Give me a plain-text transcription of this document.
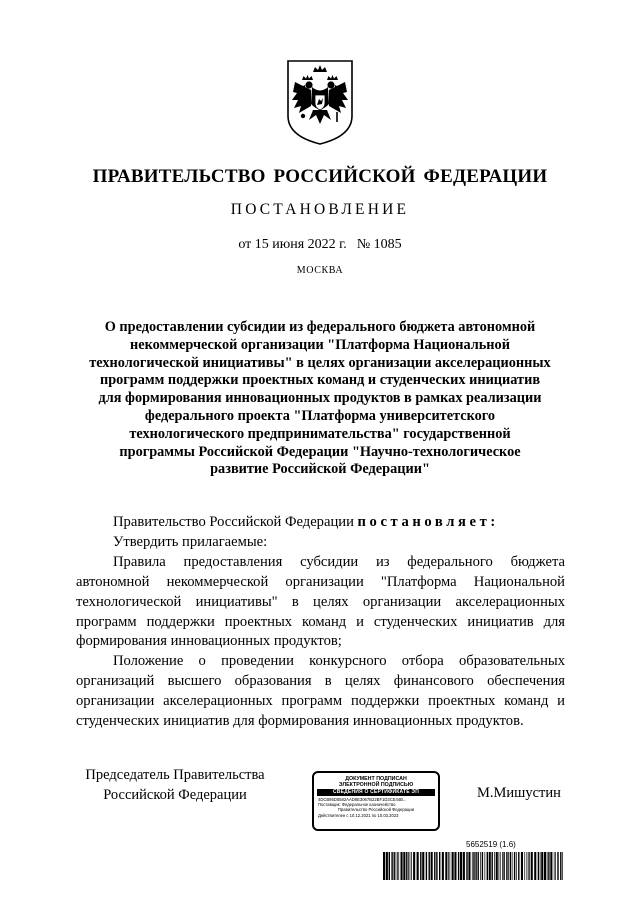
ПРАВИТЕЛЬСТВО РОССИЙСКОЙ ФЕДЕРАЦИИ
ПОСТАНОВЛЕНИЕ
от 15 июня 2022 г. № 1085
МОСКВА
О предоставлении субсидии из федерального бюджета автономной
некоммерческой организации "Платформа Национальной
технологической инициативы" в целях организации акселерационных
программ поддержки проектных команд и студенческих инициатив
для формирования инновационных продуктов в рамках реализации
федерального проекта "Платформа университетского
технологического предпринимательства" государственной
программы Российской Федерации "Научно-технологическое
развитие Российской Федерации"

Правительство Российской Федерации постановляет:

Утвердить прилагаемые:

Правила предоставления субсидии из федерального бюджета автономной некоммерческой организации "Платформа Национальной технологической инициативы" в целях организации акселерационных программ поддержки проектных команд и студенческих инициатив для формирования инновационных продуктов;

Положение о проведении конкурсного отбора образовательных организаций высшего образования в целях финансового обеспечения организации акселерационных программ поддержки проектных команд и студенческих инициатив для формирования инновационных продуктов.

Председатель Правительства
Российской Федерации
ДОКУМЕНТ ПОДПИСАН
ЭЛЕКТРОННОЙ ПОДПИСЬЮ
СВЕДЕНИЯ О СЕРТИФИКАТЕ ЭП
4DCB95D0582AAD8E3067B22BF1D3CE44B...
Поставщик: Федеральное казначейство
Правительство Российской Федерации
Действителен с 10.12.2021 по 10.03.2023
М.Мишустин
5652519 (1.6)
